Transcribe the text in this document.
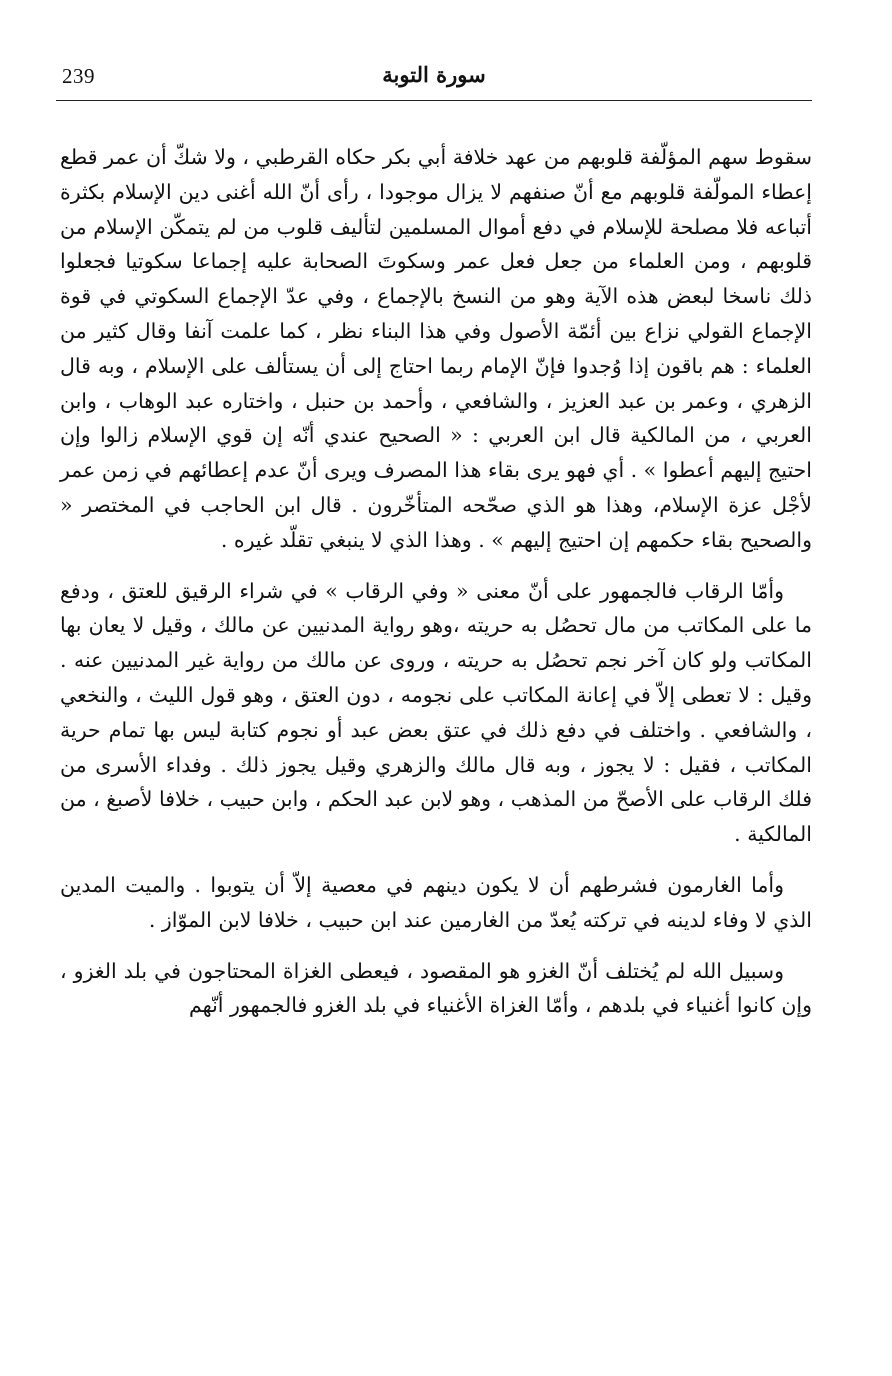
239	سورة التوبة

سقوط سهم المؤلّفة قلوبهم من عهد خلافة أبي بكر حكاه القرطبي ، ولا شكّ أن عمر قطع إعطاء المولّفة قلوبهم مع أنّ صنفهم لا يزال موجودا ، رأى أنّ الله أغنى دين الإسلام بكثرة أتباعه فلا مصلحة للإسلام في دفع أموال المسلمين لتأليف قلوب من لم يتمكّن الإسلام من قلوبهم ، ومن العلماء من جعل فعل عمر وسكوتَ الصحابة عليه إجماعا سكوتيا فجعلوا ذلك ناسخا لبعض هذه الآية وهو من النسخ بالإجماع ، وفي عدّ الإجماع السكوتي في قوة الإجماع القولي نزاع بين أئمّة الأصول وفي هذا البناء نظر ، كما علمت آنفا وقال كثير من العلماء : هم باقون إذا وُجدوا فإنّ الإمام ربما احتاج إلى أن يستألف على الإسلام ، وبه قال الزهري ، وعمر بن عبد العزيز ، والشافعي ، وأحمد بن حنبل ، واختاره عبد الوهاب ، وابن العربي ، من المالكية قال ابن العربي : « الصحيح عندي أنّه إن قوي الإسلام زالوا وإن احتيج إليهم أعطوا » . أي فهو يرى بقاء هذا المصرف ويرى أنّ عدم إعطائهم في زمن عمر لأجْل عزة الإسلام، وهذا هو الذي صحّحه المتأخّرون . قال ابن الحاجب في المختصر « والصحيح بقاء حكمهم إن احتيج إليهم » . وهذا الذي لا ينبغي تقلّد غيره .

وأمّا الرقاب فالجمهور على أنّ معنى « وفي الرقاب » في شراء الرقيق للعتق ، ودفع ما على المكاتب من مال تحصُل به حريته ،وهو رواية المدنيين عن مالك ، وقيل لا يعان بها المكاتب ولو كان آخر نجم تحصُل به حريته ، وروى عن مالك من رواية غير المدنيين عنه . وقيل : لا تعطى إلاّ في إعانة المكاتب على نجومه ، دون العتق ، وهو قول الليث ، والنخعي ، والشافعي . واختلف في دفع ذلك في عتق بعض عبد أو نجوم كتابة ليس بها تمام حرية المكاتب ، فقيل : لا يجوز ، وبه قال مالك والزهري وقيل يجوز ذلك . وفداء الأسرى من فلك الرقاب على الأصحّ من المذهب ، وهو لابن عبد الحكم ، وابن حبيب ، خلافا لأصبغ ، من المالكية .

وأما الغارمون فشرطهم أن لا يكون دينهم في معصية إلاّ أن يتوبوا . والميت المدين الذي لا وفاء لدينه في تركته يُعدّ من الغارمين عند ابن حبيب ، خلافا لابن الموّاز .

وسبيل الله لم يُختلف أنّ الغزو هو المقصود ، فيعطى الغزاة المحتاجون في بلد الغزو ، وإن كانوا أغنياء في بلدهم ، وأمّا الغزاة الأغنياء في بلد الغزو فالجمهور أنّهم
